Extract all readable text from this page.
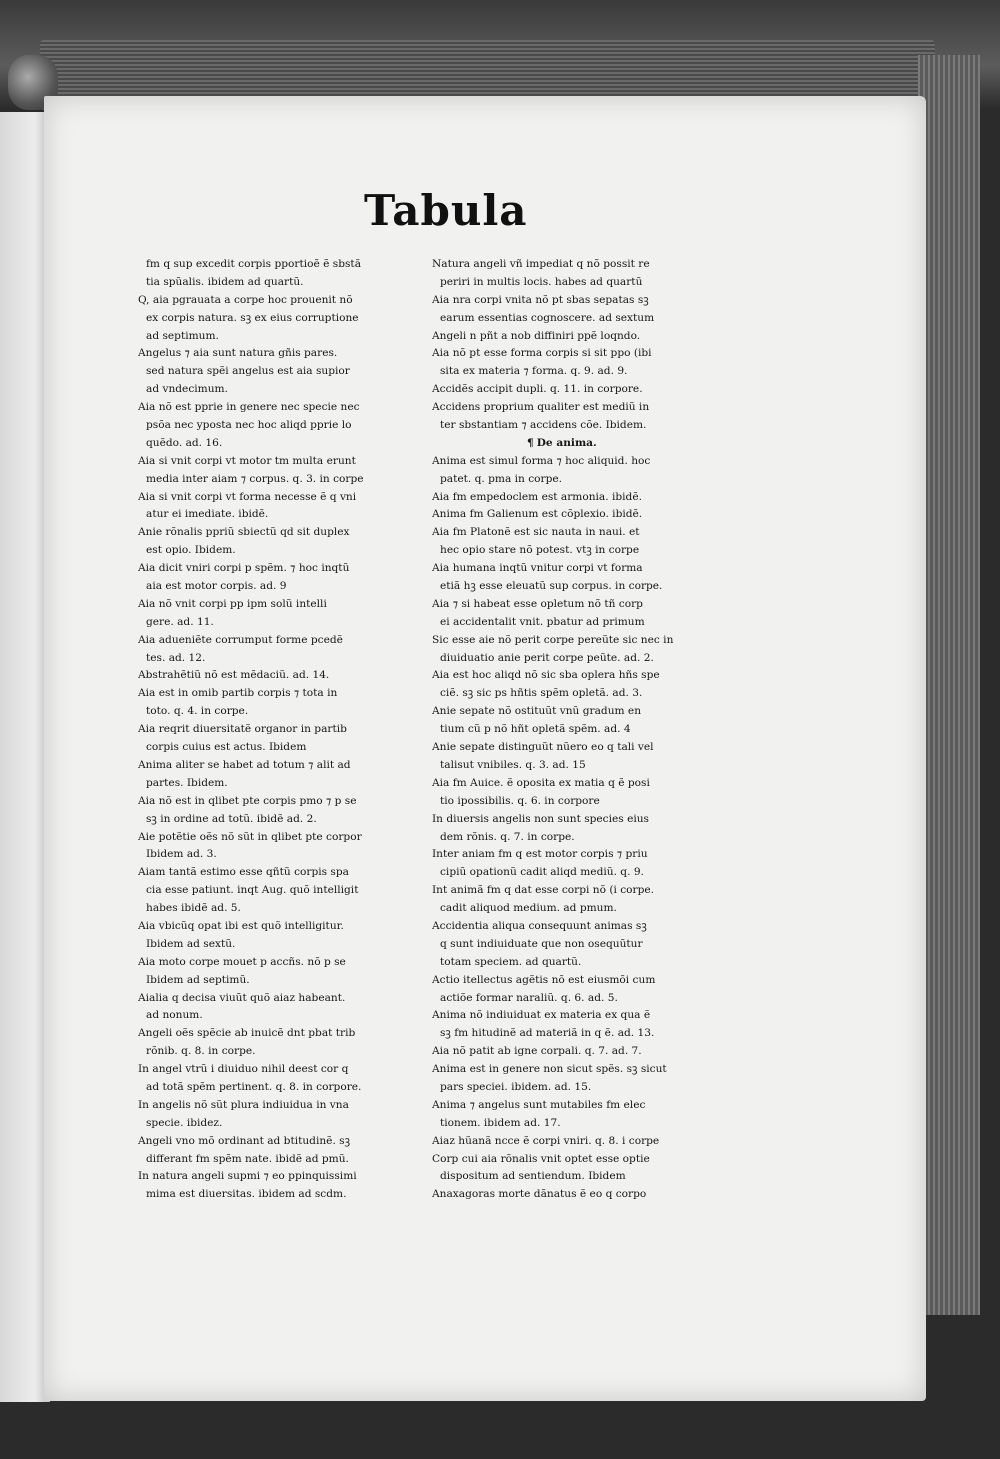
Tabula
fm q sup excedit corpis pportioẽ ẽ sbstã
tia spũalis. ibidem ad quartũ.
Q, aia pgrauata a corpe hoc prouenit nõ
ex corpis natura. sꝫ ex eius corruptione
ad septimum.
Angelus ⁊ aia sunt natura gñis pares.
sed natura spẽi angelus est aia supior
ad vndecimum.
Aia nõ est pprie in genere nec specie nec
psõa nec yposta nec hoc aliqd pprie lo
quẽdo. ad. 16.
Aia si vnit corpi vt motor tm multa erunt
media inter aiam ⁊ corpus. q. 3. in corpe
Aia si vnit corpi vt forma necesse ẽ q vni
atur ei imediate. ibidẽ.
Anie rõnalis ppriũ sbiectũ qd sit duplex
est opio. Ibidem.
Aia dicit vniri corpi p spẽm. ⁊ hoc inqtũ
aia est motor corpis. ad. 9
Aia nõ vnit corpi pp ipm solũ intelli
gere. ad. 11.
Aia adueniẽte corrumput forme pcedẽ
tes. ad. 12.
Abstrahẽtiũ nõ est mẽdaciũ. ad. 14.
Aia est in omib partib corpis ⁊ tota in
toto. q. 4. in corpe.
Aia reqrit diuersitatẽ organor in partib
corpis cuius est actus. Ibidem
Anima aliter se habet ad totum ⁊ alit ad
partes. Ibidem.
Aia nõ est in qlibet pte corpis pmo ⁊ p se
sꝫ in ordine ad totũ. ibidẽ ad. 2.
Aie potẽtie oẽs nõ sũt in qlibet pte corpor
Ibidem ad. 3.
Aiam tantã estimo esse qñtũ corpis spa
cia esse patiunt. inqt Aug. quõ intelligit
habes ibidẽ ad. 5.
Aia vbicũq opat ibi est quõ intelligitur.
Ibidem ad sextũ.
Aia moto corpe mouet p accñs. nõ p se
Ibidem ad septimũ.
Aialia q decisa viuũt quõ aiaz habeant.
ad nonum.
Angeli oẽs spẽcie ab inuicẽ dnt pbat trib
rõnib. q. 8. in corpe.
In angel vtrũ i diuiduo nihil deest cor q
ad totã spẽm pertinent. q. 8. in corpore.
In angelis nõ sũt plura indiuidua in vna
specie. ibidez.
Angeli vno mõ ordinant ad btitudinẽ. sꝫ
differant fm spẽm nate. ibidẽ ad pmũ.
In natura angeli supmi ⁊ eo ppinquissimi
mima est diuersitas. ibidem ad scdm.
Natura angeli vñ impediat q nõ possit re
periri in multis locis. habes ad quartũ
Aia nra corpi vnita nõ pt sbas sepatas sꝫ
earum essentias cognoscere. ad sextum
Angeli n pñt a nob diffiniri ppẽ loqndo.
Aia nõ pt esse forma corpis si sit ppo (ibi
sita ex materia ⁊ forma. q. 9. ad. 9.
Accidẽs accipit dupli. q. 11. in corpore.
Accidens proprium qualiter est mediũ in
ter sbstantiam ⁊ accidens cõe. Ibidem.
¶ De anima.
Anima est simul forma ⁊ hoc aliquid. hoc
patet. q. pma in corpe.
Aia fm empedoclem est armonia. ibidẽ.
Anima fm Galienum est cõplexio. ibidẽ.
Aia fm Platonẽ est sic nauta in naui. et
hec opio stare nõ potest. vtꝫ in corpe
Aia humana inqtũ vnitur corpi vt forma
etiã hꝫ esse eleuatũ sup corpus. in corpe.
Aia ⁊ si habeat esse opletum nõ tñ corp
ei accidentalit vnit. pbatur ad primum
Sic esse aie nõ perit corpe pereũte sic nec in
diuiduatio anie perit corpe peũte. ad. 2.
Aia est hoc aliqd nõ sic sba oplera hñs spe
ciẽ. sꝫ sic ps hñtis spẽm opletã. ad. 3.
Anie sepate nõ ostituũt vnũ gradum en
tium cũ p nõ hñt opletã spẽm. ad. 4
Anie sepate distinguũt nũero eo q tali vel
talisut vnibiles. q. 3. ad. 15
Aia fm Auice. ẽ oposita ex matia q ẽ posi
tio ipossibilis. q. 6. in corpore
In diuersis angelis non sunt species eius
dem rõnis. q. 7. in corpe.
Inter aniam fm q est motor corpis ⁊ priu
cipiũ opationũ cadit aliqd mediũ. q. 9.
Int animã fm q dat esse corpi nõ (i corpe.
cadit aliquod medium. ad pmum.
Accidentia aliqua consequunt animas sꝫ
q sunt indiuiduate que non osequũtur
totam speciem. ad quartũ.
Actio itellectus agẽtis nõ est eiusmõi cum
actiõe formar naraliũ. q. 6. ad. 5.
Anima nõ indiuiduat ex materia ex qua ẽ
sꝫ fm hitudinẽ ad materiã in q ẽ. ad. 13.
Aia nõ patit ab igne corpali. q. 7. ad. 7.
Anima est in genere non sicut spẽs. sꝫ sicut
pars speciei. ibidem. ad. 15.
Anima ⁊ angelus sunt mutabiles fm elec
tionem. ibidem ad. 17.
Aiaz hũanã ncce ẽ corpi vniri. q. 8. i corpe
Corp cui aia rõnalis vnit optet esse optie
dispositum ad sentiendum. Ibidem
Anaxagoras morte dãnatus ẽ eo q corpo
